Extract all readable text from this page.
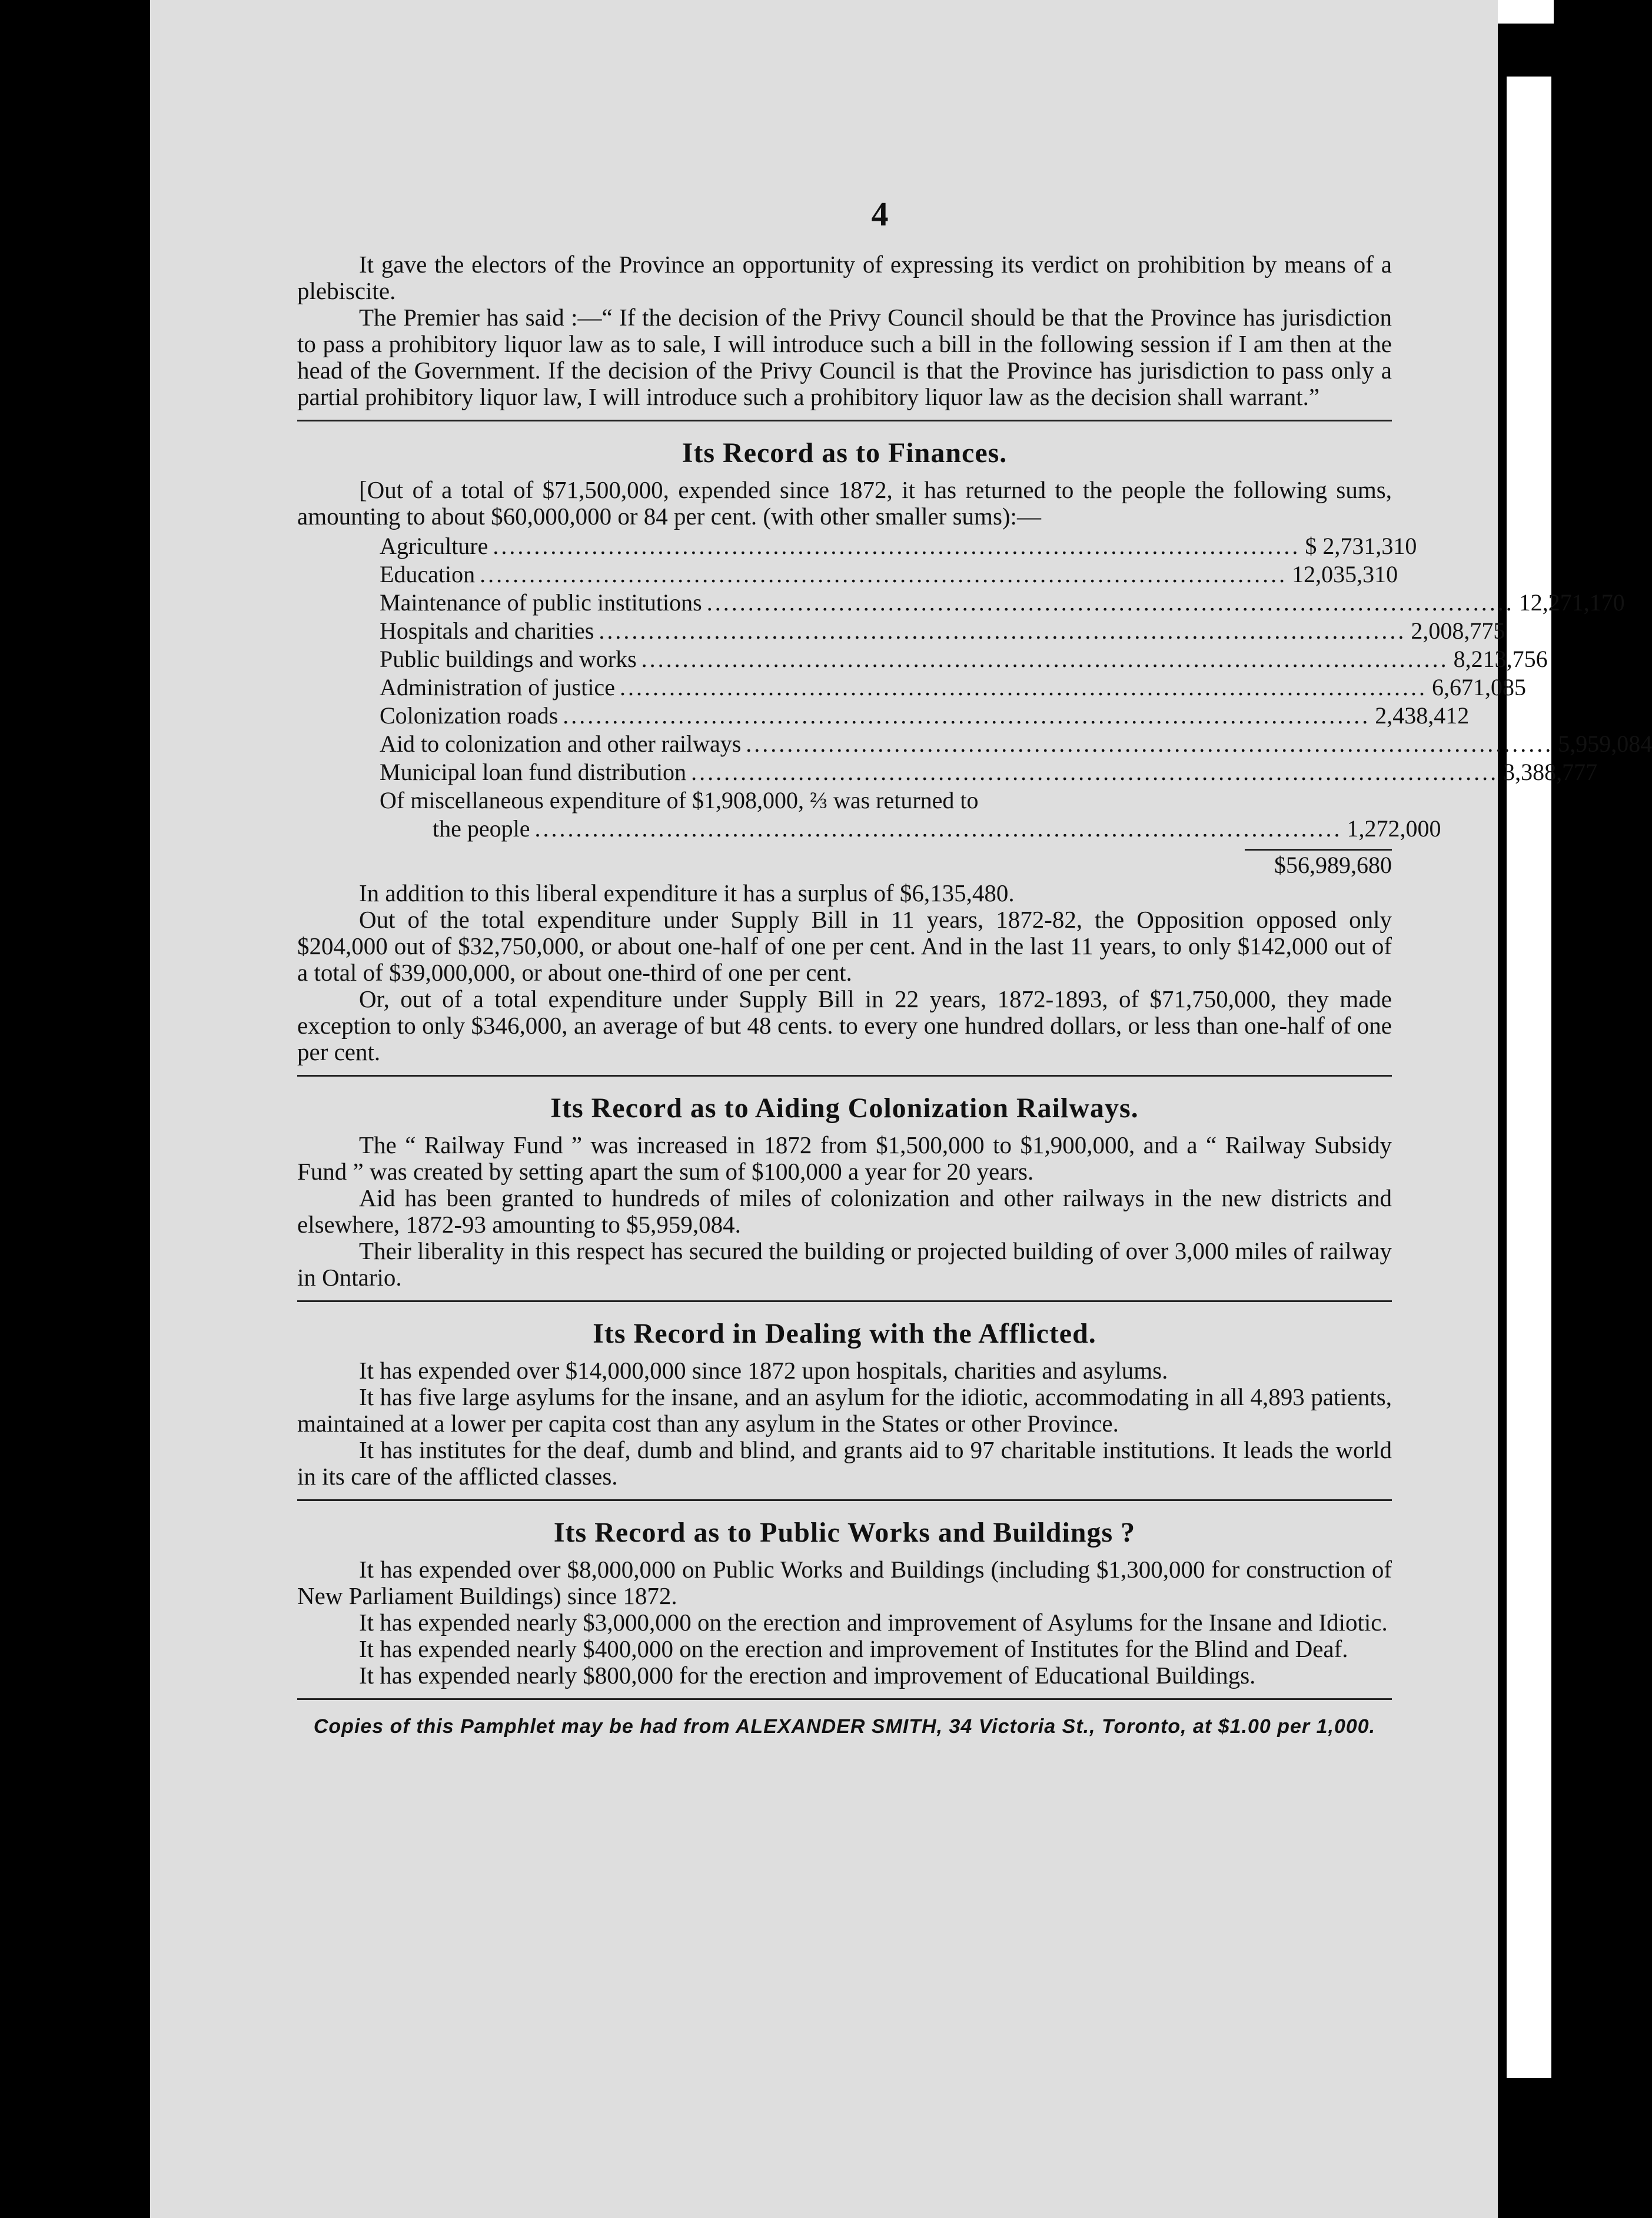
4

It gave the electors of the Province an opportunity of expressing its verdict on prohibition by means of a plebiscite.

The Premier has said :—“ If the decision of the Privy Council should be that the Province has jurisdiction to pass a prohibitory liquor law as to sale, I will introduce such a bill in the following session if I am then at the head of the Government. If the decision of the Privy Council is that the Province has jurisdiction to pass only a partial prohibitory liquor law, I will introduce such a prohibitory liquor law as the decision shall warrant.”

Its Record as to Finances.

[Out of a total of $71,500,000, expended since 1872, it has returned to the people the following sums, amounting to about $60,000,000 or 84 per cent. (with other smaller sums):—

Agriculture .................................................................................................. $ 2,731,310
Education .................................................................................................. 12,035,310
Maintenance of public institutions .................................................................................................. 12,271,170
Hospitals and charities .................................................................................................. 2,008,775
Public buildings and works .................................................................................................. 8,213,756
Administration of justice .................................................................................................. 6,671,085
Colonization roads .................................................................................................. 2,438,412
Aid to colonization and other railways .................................................................................................. 5,959,084
Municipal loan fund distribution .................................................................................................. 3,388,777
Of miscellaneous expenditure of $1,908,000, ⅔ was returned to
the people .................................................................................................. 1,272,000
$56,989,680

In addition to this liberal expenditure it has a surplus of $6,135,480.

Out of the total expenditure under Supply Bill in 11 years, 1872-82, the Opposition opposed only $204,000 out of $32,750,000, or about one-half of one per cent. And in the last 11 years, to only $142,000 out of a total of $39,000,000, or about one-third of one per cent.

Or, out of a total expenditure under Supply Bill in 22 years, 1872-1893, of $71,750,000, they made exception to only $346,000, an average of but 48 cents. to every one hundred dollars, or less than one-half of one per cent.

Its Record as to Aiding Colonization Railways.

The “ Railway Fund ” was increased in 1872 from $1,500,000 to $1,900,000, and a “ Railway Subsidy Fund ” was created by setting apart the sum of $100,000 a year for 20 years.

Aid has been granted to hundreds of miles of colonization and other railways in the new districts and elsewhere, 1872-93 amounting to $5,959,084.

Their liberality in this respect has secured the building or projected building of over 3,000 miles of railway in Ontario.

Its Record in Dealing with the Afflicted.

It has expended over $14,000,000 since 1872 upon hospitals, charities and asylums.

It has five large asylums for the insane, and an asylum for the idiotic, accommodating in all 4,893 patients, maintained at a lower per capita cost than any asylum in the States or other Province.

It has institutes for the deaf, dumb and blind, and grants aid to 97 charitable institutions. It leads the world in its care of the afflicted classes.

Its Record as to Public Works and Buildings ?

It has expended over $8,000,000 on Public Works and Buildings (including $1,300,000 for construction of New Parliament Buildings) since 1872.

It has expended nearly $3,000,000 on the erection and improvement of Asylums for the Insane and Idiotic.

It has expended nearly $400,000 on the erection and improvement of Institutes for the Blind and Deaf.

It has expended nearly $800,000 for the erection and improvement of Educational Buildings.

Copies of this Pamphlet may be had from ALEXANDER SMITH, 34 Victoria St., Toronto, at $1.00 per 1,000.
